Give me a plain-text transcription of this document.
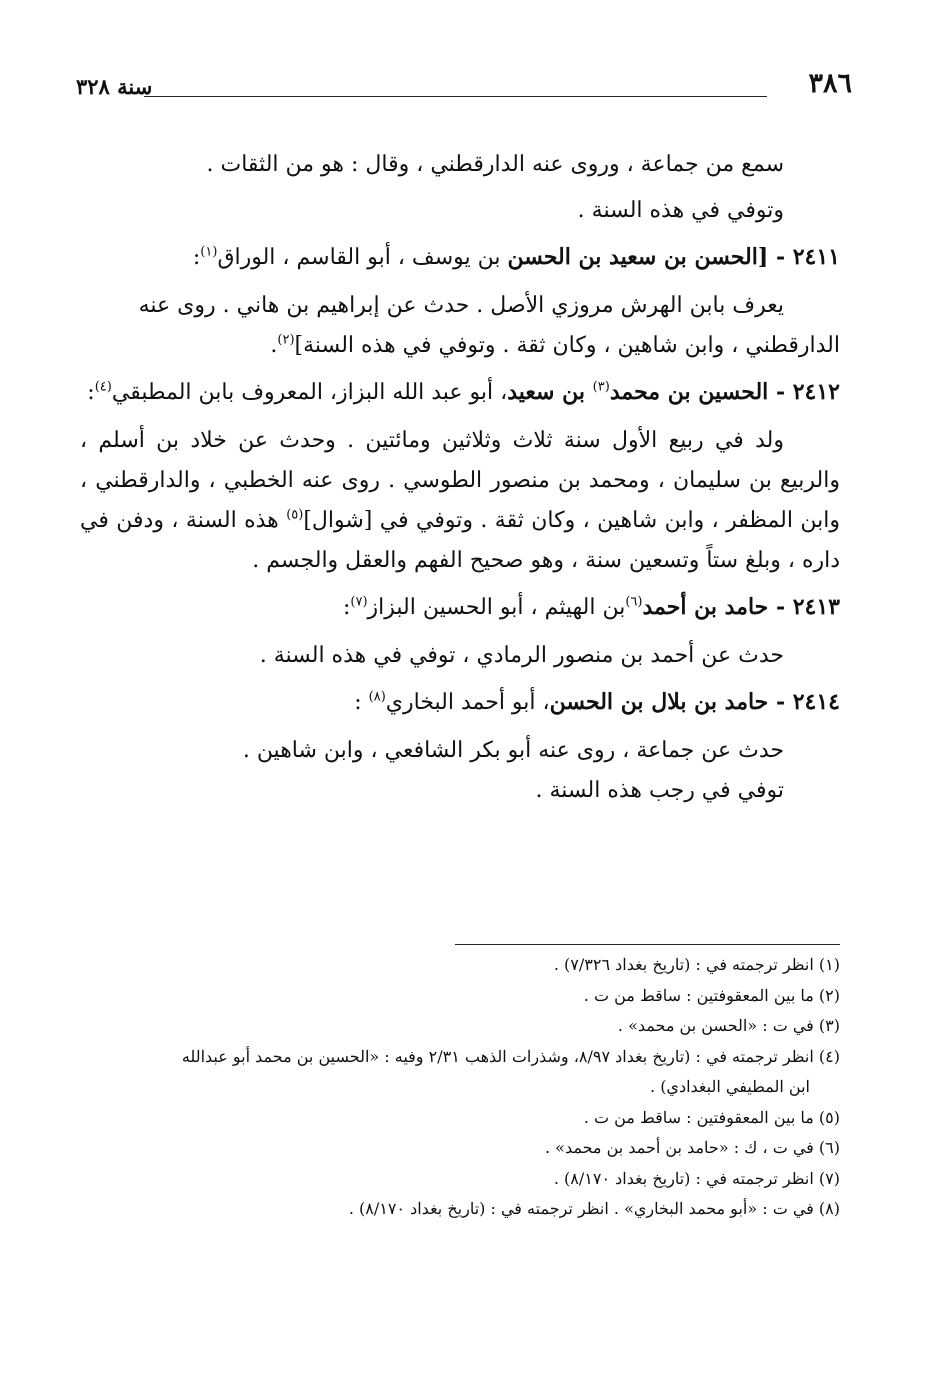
٣٨٦
سنة ٣٢٨

سمع من جماعة ، وروى عنه الدارقطني ، وقال : هو من الثقات .

وتوفي في هذه السنة .

٢٤١١ - [الحسن بن سعيد بن الحسن بن يوسف ، أبو القاسم ، الوراق$^{(١)}$:

يعرف بابن الهرش مروزي الأصل . حدث عن إبراهيم بن هاني . روى عنه

الدارقطني ، وابن شاهين ، وكان ثقة . وتوفي في هذه السنة]$^{(٢)}$.

٢٤١٢ - الحسين بن محمد$^{(٣)}$ بن سعيد، أبو عبد الله البزاز، المعروف بابن المطبقي$^{(٤)}$:

ولد في ربيع الأول سنة ثلاث وثلاثين ومائتين . وحدث عن خلاد بن أسلم ، والربيع بن سليمان ، ومحمد بن منصور الطوسي . روى عنه الخطبي ، والدارقطني ، وابن المظفر ، وابن شاهين ، وكان ثقة . وتوفي في [شوال]$^{(٥)}$ هذه السنة ، ودفن في داره ، وبلغ ستاً وتسعين سنة ، وهو صحيح الفهم والعقل والجسم .

٢٤١٣ - حامد بن أحمد$^{(٦)}$بن الهيثم ، أبو الحسين البزاز$^{(٧)}$:

حدث عن أحمد بن منصور الرمادي ، توفي في هذه السنة .

٢٤١٤ - حامد بن بلال بن الحسن، أبو أحمد البخاري$^{(٨)}$ :

حدث عن جماعة ، روى عنه أبو بكر الشافعي ، وابن شاهين .

توفي في رجب هذه السنة .

(١) انظر ترجمته في : (تاريخ بغداد ٧/٣٢٦) .

(٢) ما بين المعقوفتين : ساقط من ت .

(٣) في ت : «الحسن بن محمد» .

(٤) انظر ترجمته في : (تاريخ بغداد ٨/٩٧، وشذرات الذهب ٢/٣١ وفيه : «الحسين بن محمد أبو عبدالله

ابن المطيفي البغدادي) .

(٥) ما بين المعقوفتين : ساقط من ت .

(٦) في ت ، ك : «حامد بن أحمد بن محمد» .

(٧) انظر ترجمته في : (تاريخ بغداد ٨/١٧٠) .

(٨) في ت : «أبو محمد البخاري» . انظر ترجمته في : (تاريخ بغداد ٨/١٧٠) .
